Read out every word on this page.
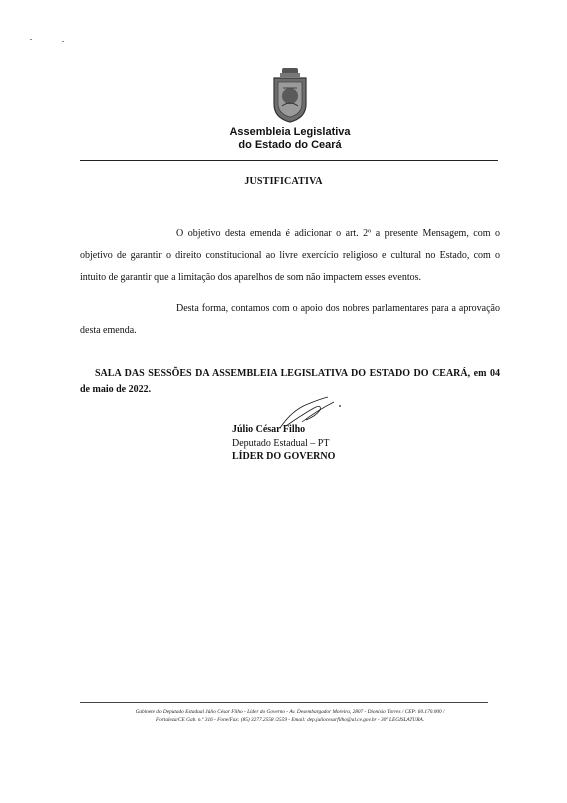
Assembleia Legislativa
do Estado do Ceará
JUSTIFICATIVA
O objetivo desta emenda é adicionar o art. 2º a presente Mensagem, com o objetivo de garantir o direito constitucional ao livre exercício religioso e cultural no Estado, com o intuito de garantir que a limitação dos aparelhos de som não impactem esses eventos.
Desta forma, contamos com o apoio dos nobres parlamentares para a aprovação desta emenda.
SALA DAS SESSÕES DA ASSEMBLEIA LEGISLATIVA DO ESTADO DO CEARÁ, em 04 de maio de 2022.
Júlio César Filho
Deputado Estadual – PT
LÍDER DO GOVERNO
Gabinete do Deputado Estadual Júlio César Filho - Líder do Governo - Av. Desembargador Moreira, 2807 - Dionísio Torres / CEP: 60.170.000 /
Fortaleza/CE Gab. n.º 316 - Fone/Fax: (85) 3277.2558 /2559 - Email: dep.juliocesarfilho@al.ce.gov.br - 30ª LEGISLATURA.
